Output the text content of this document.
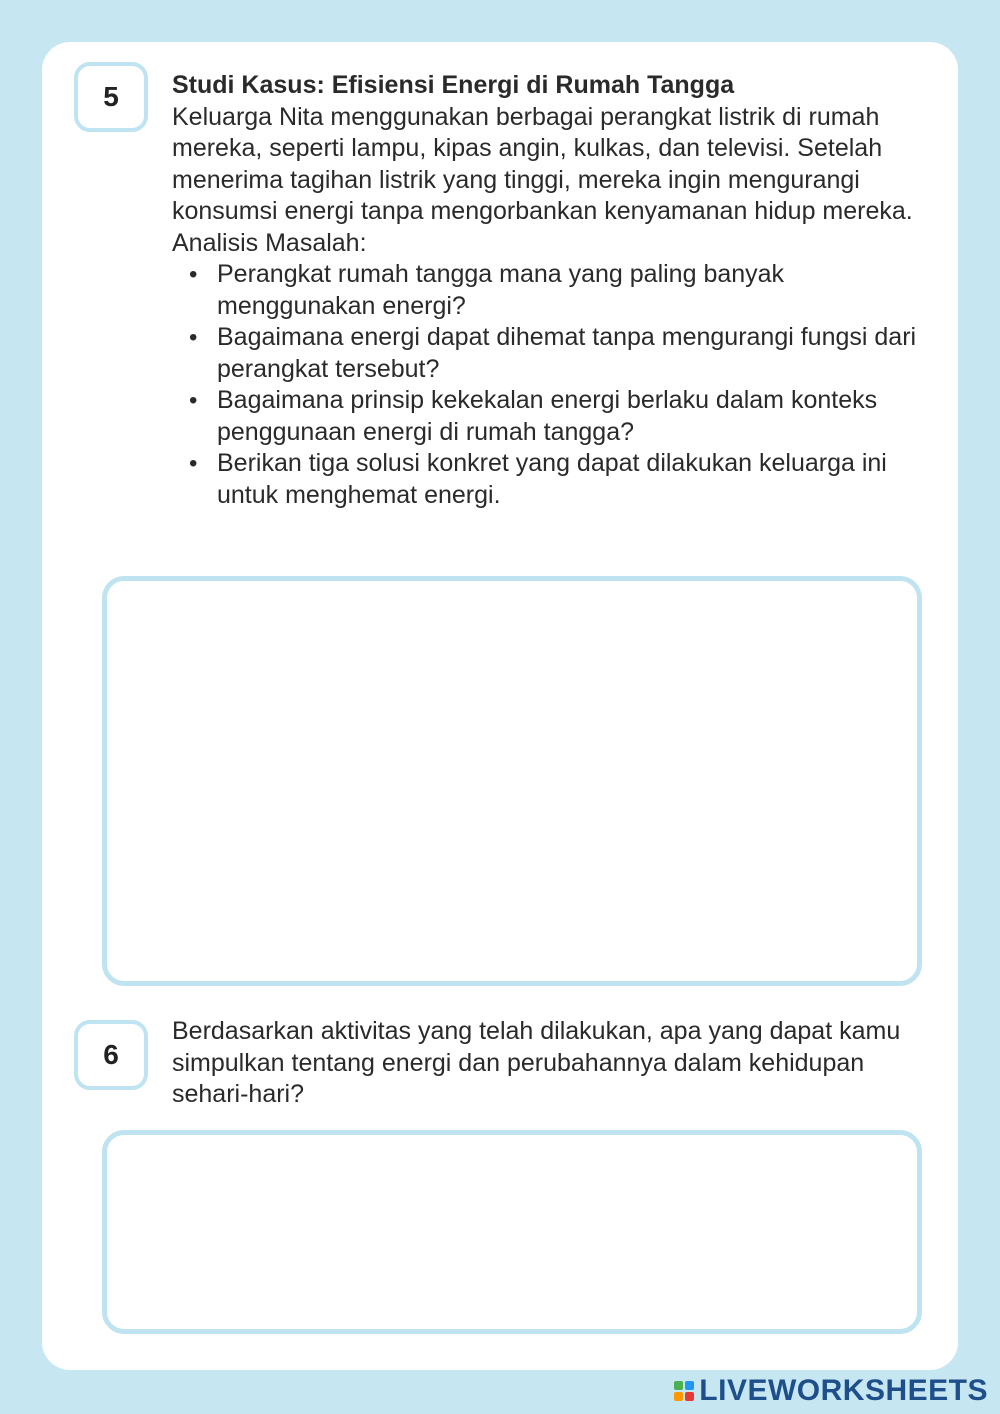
5	Studi Kasus: Efisiensi Energi di Rumah Tangga

Keluarga Nita menggunakan berbagai perangkat listrik di rumah mereka, seperti lampu, kipas angin, kulkas, dan televisi. Setelah menerima tagihan listrik yang tinggi, mereka ingin mengurangi konsumsi energi tanpa mengorbankan kenyamanan hidup mereka.

Analisis Masalah:

• Perangkat rumah tangga mana yang paling banyak menggunakan energi?
• Bagaimana energi dapat dihemat tanpa mengurangi fungsi dari perangkat tersebut?
• Bagaimana prinsip kekekalan energi berlaku dalam konteks penggunaan energi di rumah tangga?
• Berikan tiga solusi konkret yang dapat dilakukan keluarga ini untuk menghemat energi.
6
Berdasarkan aktivitas yang telah dilakukan, apa yang dapat kamu simpulkan tentang energi dan perubahannya dalam kehidupan sehari-hari?
LIVEWORKSHEETS
